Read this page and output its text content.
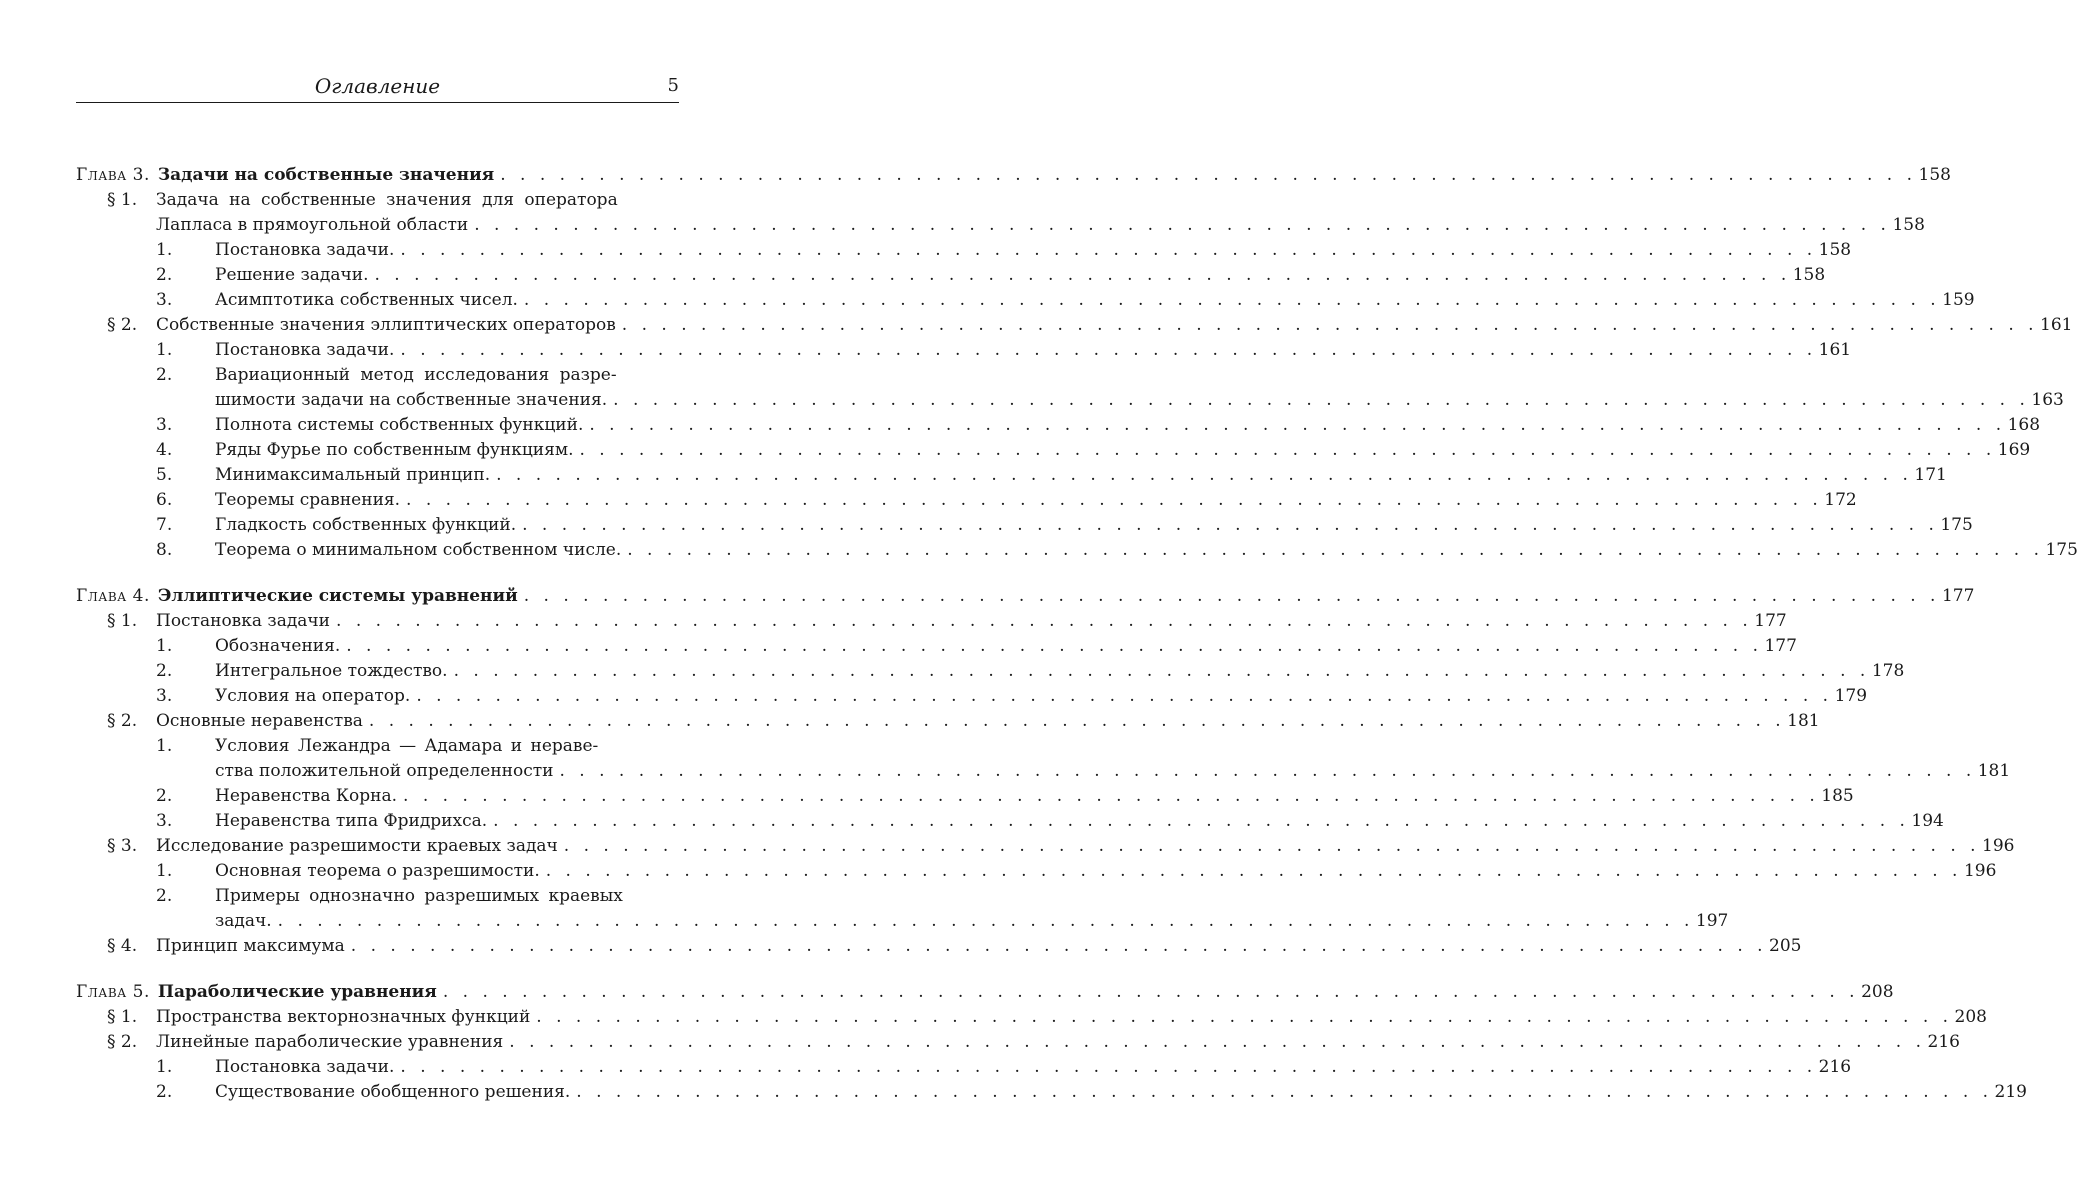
Оглавление	5
Глава 3. Задачи на собственные значения . . . . . . . . . . . . . . . . . . . . . . . . . . . . . . . . . . . . . . . . . . . . . . . . . . . . . . . . . . . . . . . . . . . . . . . . 158
§ 1.	Задача на собственные значения для оператора
Лапласа в прямоугольной области . . . . . . . . . . . . . . . . . . . . . . . . . . . . . . . . . . . . . . . . . . . . . . . . . . . . . . . . . . . . . . . . . . . . . . . . 158
1.	Постановка задачи. . . . . . . . . . . . . . . . . . . . . . . . . . . . . . . . . . . . . . . . . . . . . . . . . . . . . . . . . . . . . . . . . . . . . . . . . 158
2.	Решение задачи. . . . . . . . . . . . . . . . . . . . . . . . . . . . . . . . . . . . . . . . . . . . . . . . . . . . . . . . . . . . . . . . . . . . . . . . . 158
3.	Асимптотика собственных чисел. . . . . . . . . . . . . . . . . . . . . . . . . . . . . . . . . . . . . . . . . . . . . . . . . . . . . . . . . . . . . . . . . . . . . . . . . 159
§ 2.	Собственные значения эллиптических операторов . . . . . . . . . . . . . . . . . . . . . . . . . . . . . . . . . . . . . . . . . . . . . . . . . . . . . . . . . . . . . . . . . . . . . . . . 161
1.	Постановка задачи. . . . . . . . . . . . . . . . . . . . . . . . . . . . . . . . . . . . . . . . . . . . . . . . . . . . . . . . . . . . . . . . . . . . . . . . . 161
2.	Вариационный метод исследования разре-
шимости задачи на собственные значения. . . . . . . . . . . . . . . . . . . . . . . . . . . . . . . . . . . . . . . . . . . . . . . . . . . . . . . . . . . . . . . . . . . . . . . . . 163
3.	Полнота системы собственных функций. . . . . . . . . . . . . . . . . . . . . . . . . . . . . . . . . . . . . . . . . . . . . . . . . . . . . . . . . . . . . . . . . . . . . . . . . 168
4.	Ряды Фурье по собственным функциям. . . . . . . . . . . . . . . . . . . . . . . . . . . . . . . . . . . . . . . . . . . . . . . . . . . . . . . . . . . . . . . . . . . . . . . . . 169
5.	Минимаксимальный принцип. . . . . . . . . . . . . . . . . . . . . . . . . . . . . . . . . . . . . . . . . . . . . . . . . . . . . . . . . . . . . . . . . . . . . . . . . 171
6.	Теоремы сравнения. . . . . . . . . . . . . . . . . . . . . . . . . . . . . . . . . . . . . . . . . . . . . . . . . . . . . . . . . . . . . . . . . . . . . . . . . 172
7.	Гладкость собственных функций. . . . . . . . . . . . . . . . . . . . . . . . . . . . . . . . . . . . . . . . . . . . . . . . . . . . . . . . . . . . . . . . . . . . . . . . . 175
8.	Теорема о минимальном собственном числе. . . . . . . . . . . . . . . . . . . . . . . . . . . . . . . . . . . . . . . . . . . . . . . . . . . . . . . . . . . . . . . . . . . . . . . . . 175
Глава 4. Эллиптические системы уравнений . . . . . . . . . . . . . . . . . . . . . . . . . . . . . . . . . . . . . . . . . . . . . . . . . . . . . . . . . . . . . . . . . . . . . . . . 177
§ 1.	Постановка задачи . . . . . . . . . . . . . . . . . . . . . . . . . . . . . . . . . . . . . . . . . . . . . . . . . . . . . . . . . . . . . . . . . . . . . . . . 177
1.	Обозначения. . . . . . . . . . . . . . . . . . . . . . . . . . . . . . . . . . . . . . . . . . . . . . . . . . . . . . . . . . . . . . . . . . . . . . . . . 177
2.	Интегральное тождество. . . . . . . . . . . . . . . . . . . . . . . . . . . . . . . . . . . . . . . . . . . . . . . . . . . . . . . . . . . . . . . . . . . . . . . . . 178
3.	Условия на оператор. . . . . . . . . . . . . . . . . . . . . . . . . . . . . . . . . . . . . . . . . . . . . . . . . . . . . . . . . . . . . . . . . . . . . . . . . 179
§ 2.	Основные неравенства . . . . . . . . . . . . . . . . . . . . . . . . . . . . . . . . . . . . . . . . . . . . . . . . . . . . . . . . . . . . . . . . . . . . . . . . 181
1.	Условия Лежандра — Адамара и нераве-
ства положительной определенности . . . . . . . . . . . . . . . . . . . . . . . . . . . . . . . . . . . . . . . . . . . . . . . . . . . . . . . . . . . . . . . . . . . . . . . . 181
2.	Неравенства Корна. . . . . . . . . . . . . . . . . . . . . . . . . . . . . . . . . . . . . . . . . . . . . . . . . . . . . . . . . . . . . . . . . . . . . . . . . 185
3.	Неравенства типа Фридрихса. . . . . . . . . . . . . . . . . . . . . . . . . . . . . . . . . . . . . . . . . . . . . . . . . . . . . . . . . . . . . . . . . . . . . . . . . 194
§ 3.	Исследование разрешимости краевых задач . . . . . . . . . . . . . . . . . . . . . . . . . . . . . . . . . . . . . . . . . . . . . . . . . . . . . . . . . . . . . . . . . . . . . . . . 196
1.	Основная теорема о разрешимости. . . . . . . . . . . . . . . . . . . . . . . . . . . . . . . . . . . . . . . . . . . . . . . . . . . . . . . . . . . . . . . . . . . . . . . . . 196
2.	Примеры однозначно разрешимых краевых
задач. . . . . . . . . . . . . . . . . . . . . . . . . . . . . . . . . . . . . . . . . . . . . . . . . . . . . . . . . . . . . . . . . . . . . . . . . 197
§ 4.	Принцип максимума . . . . . . . . . . . . . . . . . . . . . . . . . . . . . . . . . . . . . . . . . . . . . . . . . . . . . . . . . . . . . . . . . . . . . . . . 205
Глава 5. Параболические уравнения . . . . . . . . . . . . . . . . . . . . . . . . . . . . . . . . . . . . . . . . . . . . . . . . . . . . . . . . . . . . . . . . . . . . . . . . 208
§ 1.	Пространства векторнозначных функций . . . . . . . . . . . . . . . . . . . . . . . . . . . . . . . . . . . . . . . . . . . . . . . . . . . . . . . . . . . . . . . . . . . . . . . . 208
§ 2.	Линейные параболические уравнения . . . . . . . . . . . . . . . . . . . . . . . . . . . . . . . . . . . . . . . . . . . . . . . . . . . . . . . . . . . . . . . . . . . . . . . . 216
1.	Постановка задачи. . . . . . . . . . . . . . . . . . . . . . . . . . . . . . . . . . . . . . . . . . . . . . . . . . . . . . . . . . . . . . . . . . . . . . . . . 216
2.	Существование обобщенного решения. . . . . . . . . . . . . . . . . . . . . . . . . . . . . . . . . . . . . . . . . . . . . . . . . . . . . . . . . . . . . . . . . . . . . . . . . 219
